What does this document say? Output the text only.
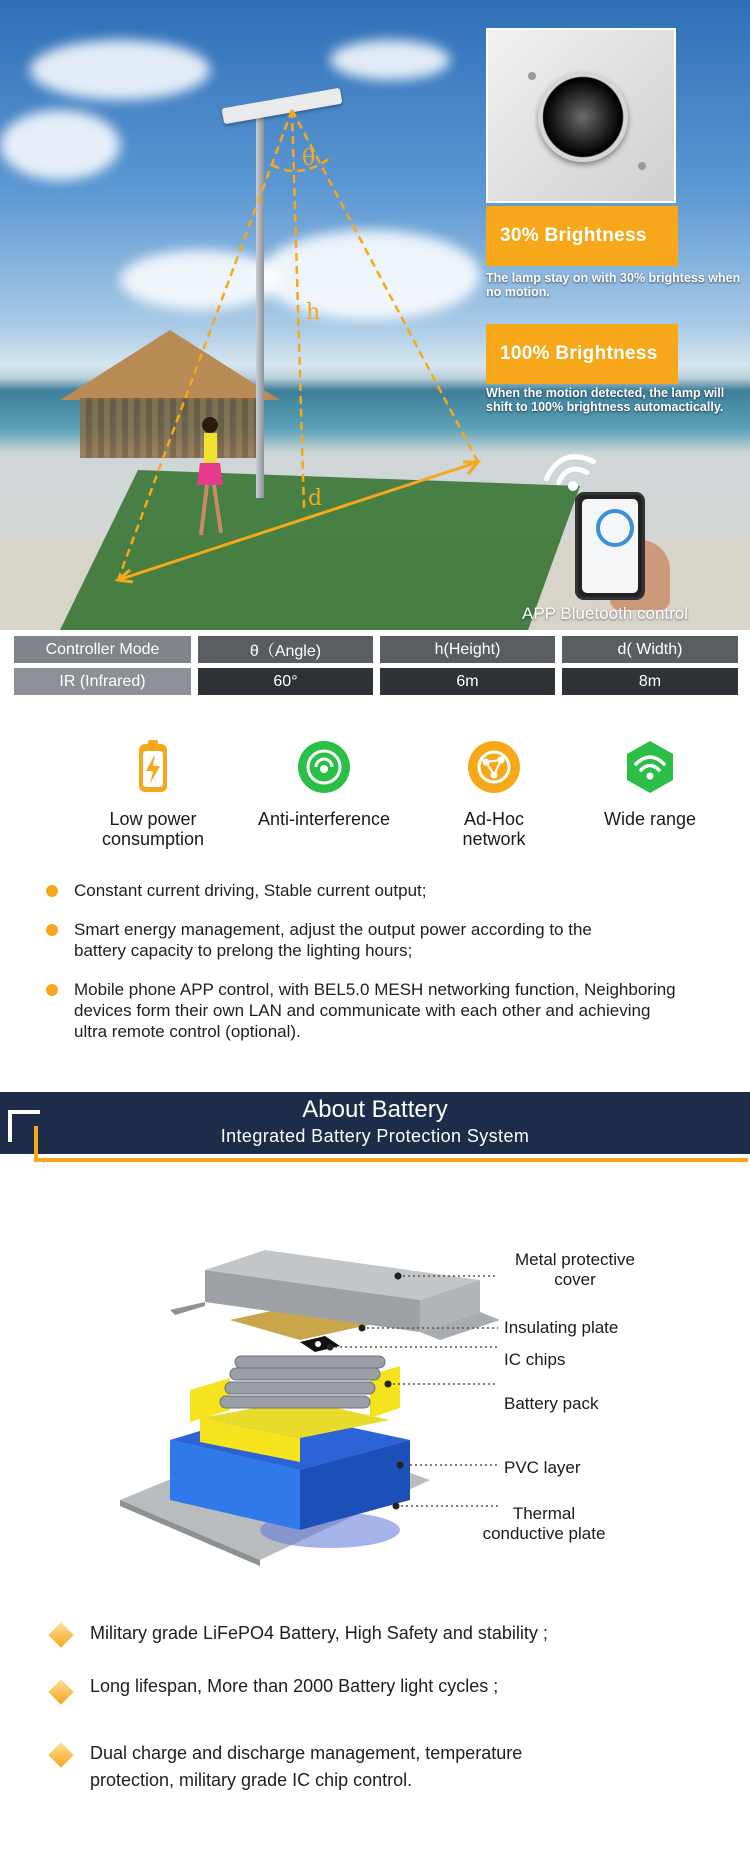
θ
h
d
30% Brightness
The lamp stay on with 30% brightess when no motion.
100% Brightness
When the motion detected, the lamp will shift to 100% brightness automactically.
APP Bluetooth control
Controller Mode	θ（Angle)	h(Height)	d( Width)
IR (Infrared)	60°	6m	8m
Low power
consumption
Anti-interference	Ad-Hoc
network
Wide range
Constant current driving, Stable current output;
Smart energy management, adjust the output power according to the battery capacity to prelong the lighting hours;
Mobile phone APP control, with BEL5.0 MESH networking function, Neighboring devices form their own LAN and communicate with each other and achieving ultra remote control (optional).
About Battery
Integrated Battery Protection System
Metal protective cover
Insulating plate
IC chips
Battery pack
PVC layer
Thermal conductive plate
Military grade LiFePO4 Battery, High Safety and stability ;
Long lifespan, More than 2000 Battery light cycles ;
Dual charge and discharge management, temperature protection, military grade IC chip control.
